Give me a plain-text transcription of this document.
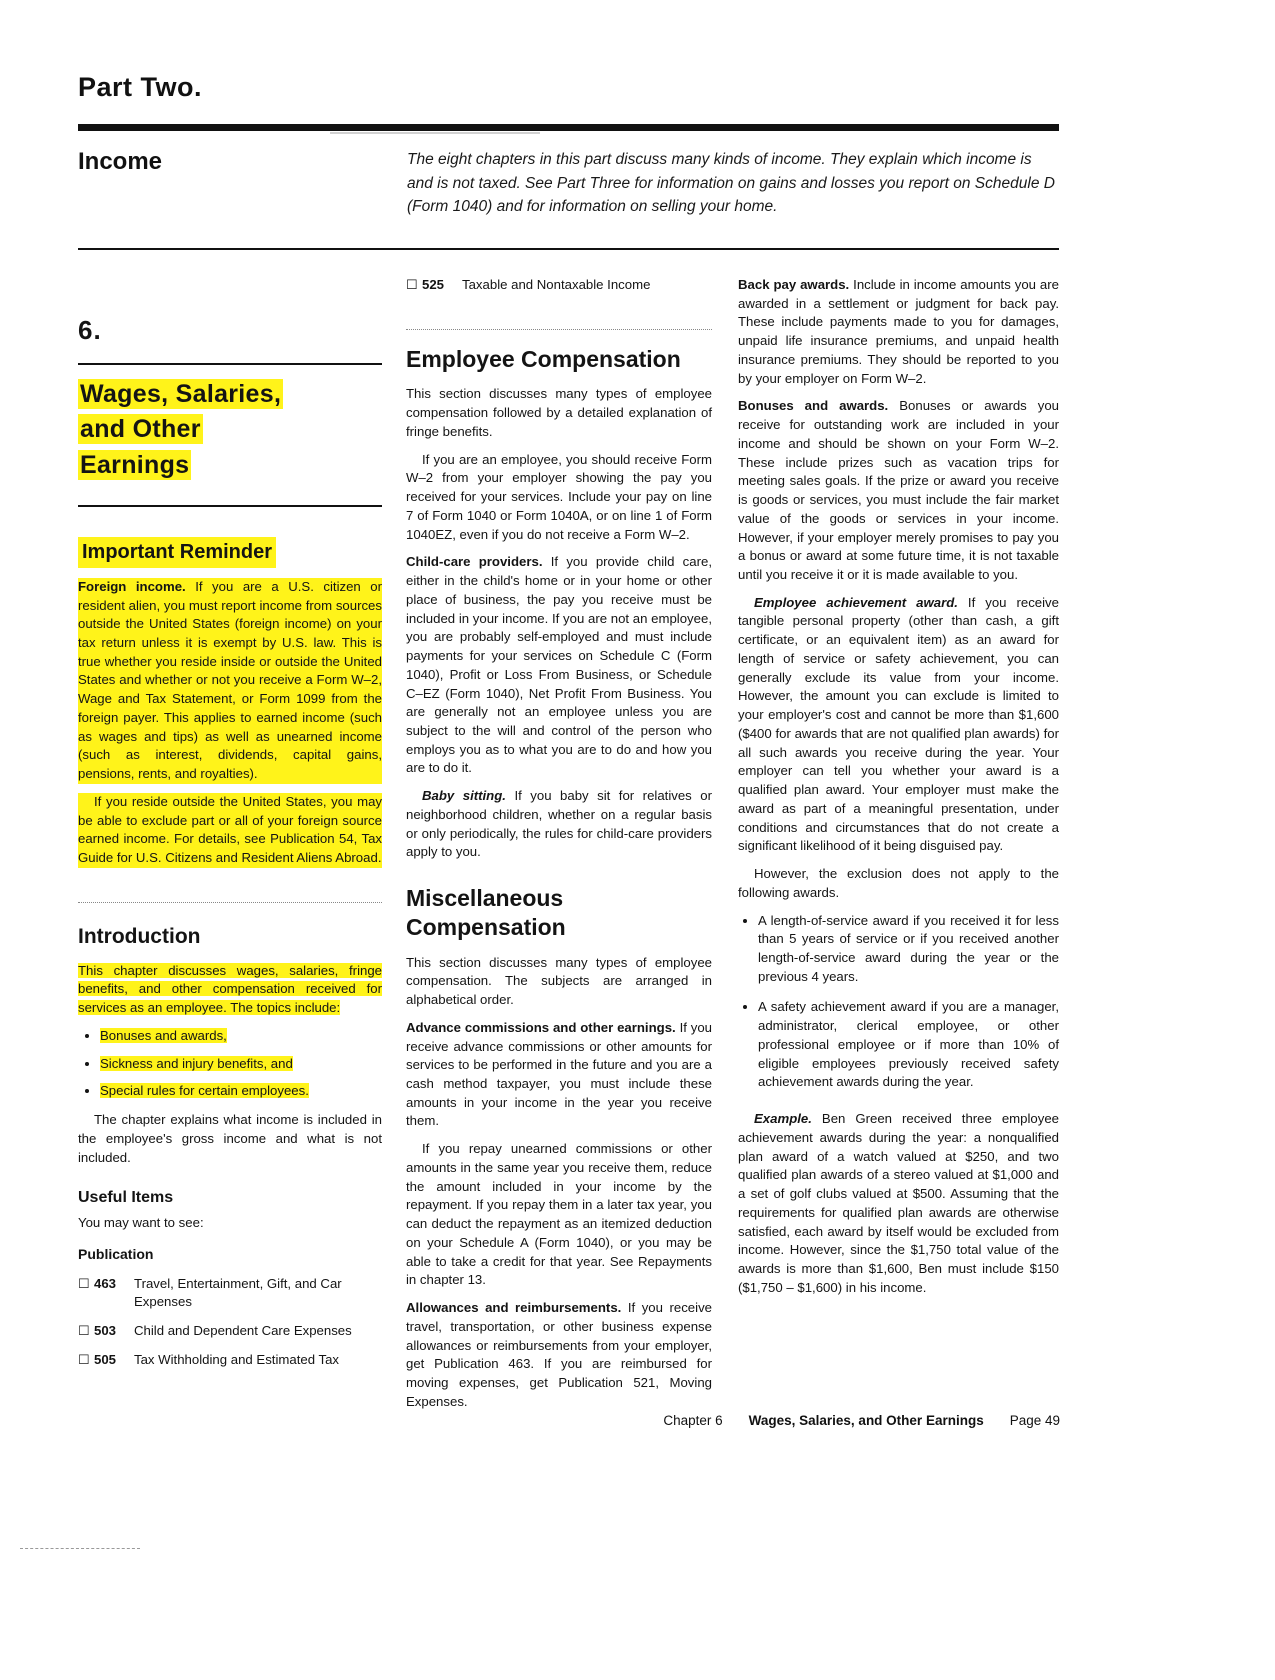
Part Two.
Income	The eight chapters in this part discuss many kinds of income. They explain which income is and is not taxed. See Part Three for information on gains and losses you report on Schedule D (Form 1040) and for information on selling your home.
6.
Wages, Salaries,
and Other
Earnings
Important Reminder

Foreign income. If you are a U.S. citizen or resident alien, you must report income from sources outside the United States (foreign income) on your tax return unless it is exempt by U.S. law. This is true whether you reside inside or outside the United States and whether or not you receive a Form W–2, Wage and Tax Statement, or Form 1099 from the foreign payer. This applies to earned income (such as wages and tips) as well as unearned income (such as interest, dividends, capital gains, pensions, rents, and royalties).

If you reside outside the United States, you may be able to exclude part or all of your foreign source earned income. For details, see Publication 54, Tax Guide for U.S. Citizens and Resident Aliens Abroad.

Introduction

This chapter discusses wages, salaries, fringe benefits, and other compensation received for services as an employee. The topics include:

• Bonuses and awards,
• Sickness and injury benefits, and
• Special rules for certain employees.

The chapter explains what income is included in the employee's gross income and what is not included.

Useful Items

You may want to see:

Publication
☐ 463	Travel, Entertainment, Gift, and Car Expenses
☐ 503	Child and Dependent Care Expenses
☐ 505	Tax Withholding and Estimated Tax
☐ 525	Taxable and Nontaxable Income
Employee Compensation

This section discusses many types of employee compensation followed by a detailed explanation of fringe benefits.

If you are an employee, you should receive Form W–2 from your employer showing the pay you received for your services. Include your pay on line 7 of Form 1040 or Form 1040A, or on line 1 of Form 1040EZ, even if you do not receive a Form W–2.

Child-care providers. If you provide child care, either in the child's home or in your home or other place of business, the pay you receive must be included in your income. If you are not an employee, you are probably self-employed and must include payments for your services on Schedule C (Form 1040), Profit or Loss From Business, or Schedule C–EZ (Form 1040), Net Profit From Business. You are generally not an employee unless you are subject to the will and control of the person who employs you as to what you are to do and how you are to do it.

Baby sitting. If you baby sit for relatives or neighborhood children, whether on a regular basis or only periodically, the rules for child-care providers apply to you.

Miscellaneous Compensation

This section discusses many types of employee compensation. The subjects are arranged in alphabetical order.

Advance commissions and other earnings. If you receive advance commissions or other amounts for services to be performed in the future and you are a cash method taxpayer, you must include these amounts in your income in the year you receive them.

If you repay unearned commissions or other amounts in the same year you receive them, reduce the amount included in your income by the repayment. If you repay them in a later tax year, you can deduct the repayment as an itemized deduction on your Schedule A (Form 1040), or you may be able to take a credit for that year. See Repayments in chapter 13.

Allowances and reimbursements. If you receive travel, transportation, or other business expense allowances or reimbursements from your employer, get Publication 463. If you are reimbursed for moving expenses, get Publication 521, Moving Expenses.

Back pay awards. Include in income amounts you are awarded in a settlement or judgment for back pay. These include payments made to you for damages, unpaid life insurance premiums, and unpaid health insurance premiums. They should be reported to you by your employer on Form W–2.

Bonuses and awards. Bonuses or awards you receive for outstanding work are included in your income and should be shown on your Form W–2. These include prizes such as vacation trips for meeting sales goals. If the prize or award you receive is goods or services, you must include the fair market value of the goods or services in your income. However, if your employer merely promises to pay you a bonus or award at some future time, it is not taxable until you receive it or it is made available to you.

Employee achievement award. If you receive tangible personal property (other than cash, a gift certificate, or an equivalent item) as an award for length of service or safety achievement, you can generally exclude its value from your income. However, the amount you can exclude is limited to your employer's cost and cannot be more than $1,600 ($400 for awards that are not qualified plan awards) for all such awards you receive during the year. Your employer can tell you whether your award is a qualified plan award. Your employer must make the award as part of a meaningful presentation, under conditions and circumstances that do not create a significant likelihood of it being disguised pay.

However, the exclusion does not apply to the following awards.

• A length-of-service award if you received it for less than 5 years of service or if you received another length-of-service award during the year or the previous 4 years.
• A safety achievement award if you are a manager, administrator, clerical employee, or other professional employee or if more than 10% of eligible employees previously received safety achievement awards during the year.

Example. Ben Green received three employee achievement awards during the year: a nonqualified plan award of a watch valued at $250, and two qualified plan awards of a stereo valued at $1,000 and a set of golf clubs valued at $500. Assuming that the requirements for qualified plan awards are otherwise satisfied, each award by itself would be excluded from income. However, since the $1,750 total value of the awards is more than $1,600, Ben must include $150 ($1,750 – $1,600) in his income.

Chapter 6 Wages, Salaries, and Other Earnings Page 49
